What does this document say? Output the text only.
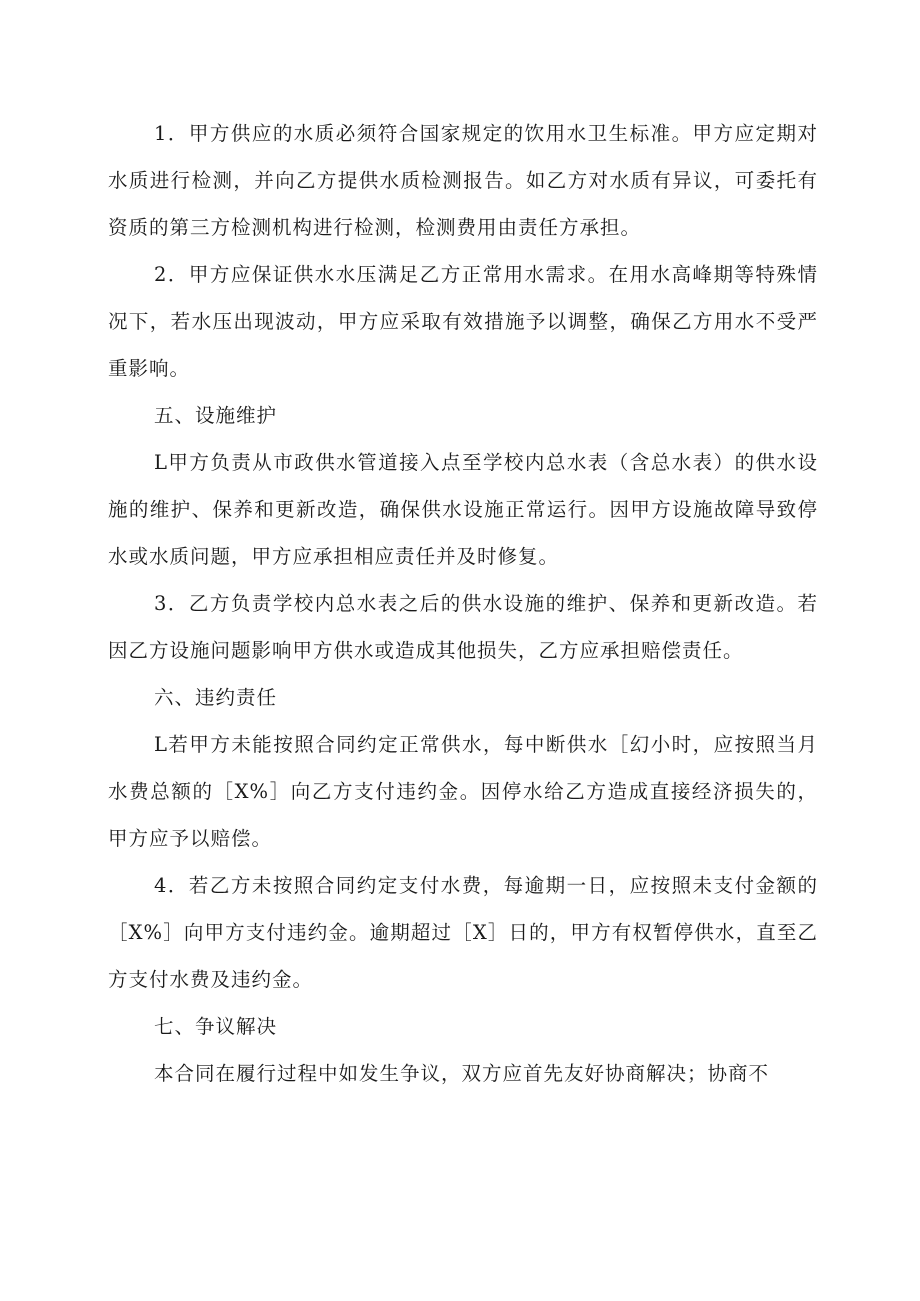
1．甲方供应的水质必须符合国家规定的饮用水卫生标准。甲方应定期对水质进行检测，并向乙方提供水质检测报告。如乙方对水质有异议，可委托有资质的第三方检测机构进行检测，检测费用由责任方承担。

2．甲方应保证供水水压满足乙方正常用水需求。在用水高峰期等特殊情况下，若水压出现波动，甲方应采取有效措施予以调整，确保乙方用水不受严重影响。

五、设施维护

L甲方负责从市政供水管道接入点至学校内总水表（含总水表）的供水设施的维护、保养和更新改造，确保供水设施正常运行。因甲方设施故障导致停水或水质问题，甲方应承担相应责任并及时修复。

3．乙方负责学校内总水表之后的供水设施的维护、保养和更新改造。若因乙方设施问题影响甲方供水或造成其他损失，乙方应承担赔偿责任。

六、违约责任

L若甲方未能按照合同约定正常供水，每中断供水［幻小时，应按照当月水费总额的［X%］向乙方支付违约金。因停水给乙方造成直接经济损失的，甲方应予以赔偿。

4．若乙方未按照合同约定支付水费，每逾期一日，应按照未支付金额的［X%］向甲方支付违约金。逾期超过［X］日的，甲方有权暂停供水，直至乙方支付水费及违约金。

七、争议解决

本合同在履行过程中如发生争议，双方应首先友好协商解决；协商不
